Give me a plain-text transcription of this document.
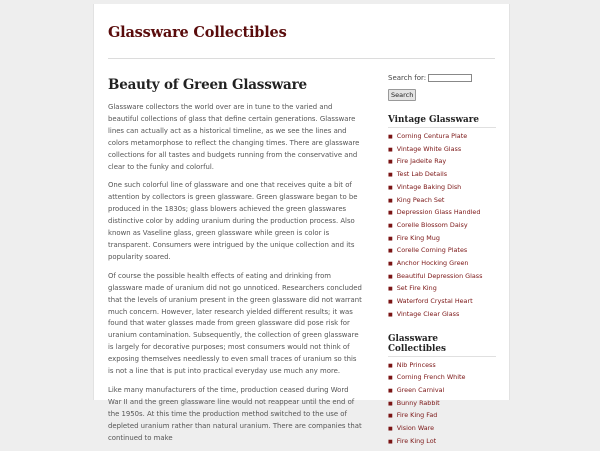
Glassware Collectibles
Beauty of Green Glassware

Glassware collectors the world over are in tune to the varied and beautiful collections of glass that define certain generations. Glassware lines can actually act as a historical timeline, as we see the lines and colors metamorphose to reflect the changing times. There are glassware collections for all tastes and budgets running from the conservative and clear to the funky and colorful.

One such colorful line of glassware and one that receives quite a bit of attention by collectors is green glassware. Green glassware began to be produced in the 1830s; glass blowers achieved the green glasswares distinctive color by adding uranium during the production process. Also known as Vaseline glass, green glassware while green is color is transparent. Consumers were intrigued by the unique collection and its popularity soared.

Of course the possible health effects of eating and drinking from glassware made of uranium did not go unnoticed. Researchers concluded that the levels of uranium present in the green glassware did not warrant much concern. However, later research yielded different results; it was found that water glasses made from green glassware did pose risk for uranium contamination. Subsequently, the collection of green glassware is largely for decorative purposes; most consumers would not think of exposing themselves needlessly to even small traces of uranium so this is not a line that is put into practical everyday use much any more.

Like many manufacturers of the time, production ceased during Word War II and the green glassware line would not reappear until the end of the 1950s. At this time the production method switched to the use of depleted uranium rather than natural uranium. There are companies that continued to make

Search for:
Search
Vintage Glassware
■ Corning Centura Plate
■ Vintage White Glass
■ Fire Jadeite Ray
■ Test Lab Details
■ Vintage Baking Dish
■ King Peach Set
■ Depression Glass Handled
■ Corelle Blossom Daisy
■ Fire King Mug
■ Corelle Corning Plates
■ Anchor Hocking Green
■ Beautiful Depression Glass
■ Set Fire King
■ Waterford Crystal Heart
■ Vintage Clear Glass
Glassware Collectibles
■ Nib Princess
■ Corning French White
■ Green Carnival
■ Bunny Rabbit
■ Fire King Fad
■ Vision Ware
■ Fire King Lot
